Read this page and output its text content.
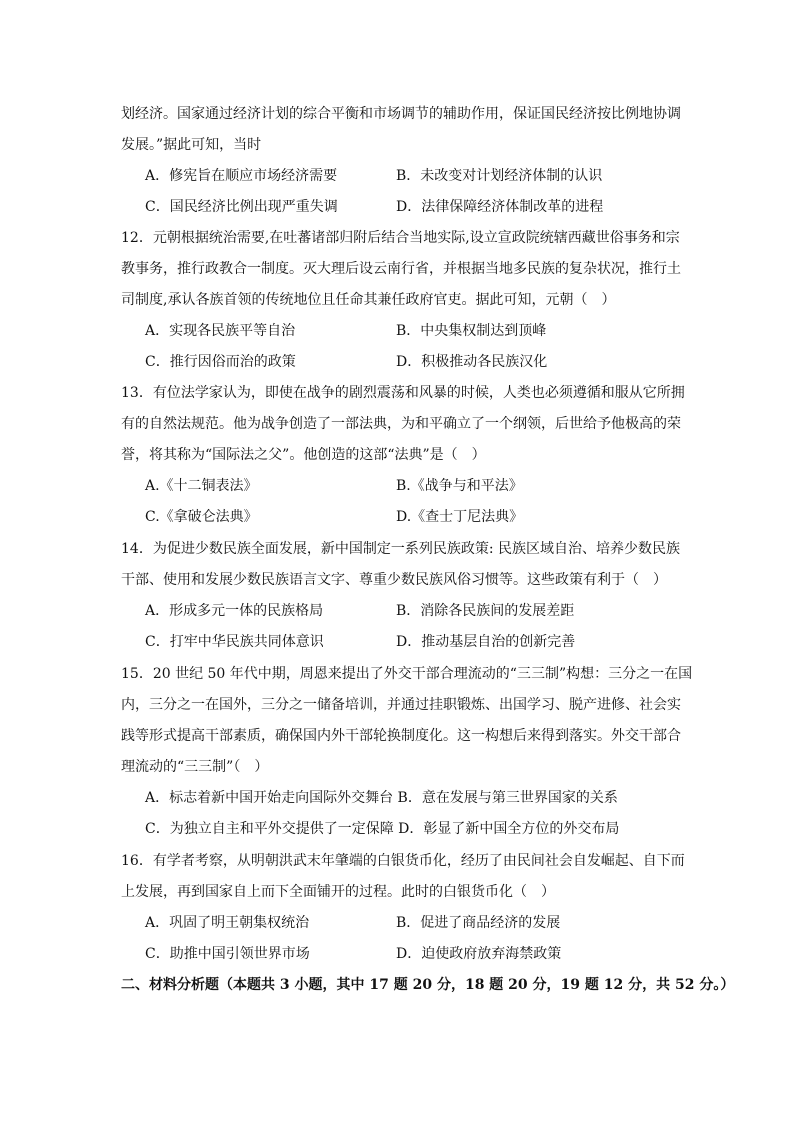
划经济。国家通过经济计划的综合平衡和市场调节的辅助作用，保证国民经济按比例地协调
发展。”据此可知，当时
A．修宪旨在顺应市场经济需要	B．未改变对计划经济体制的认识
C．国民经济比例出现严重失调	D．法律保障经济体制改革的进程
12．元朝根据统治需要,在吐蕃诸部归附后结合当地实际,设立宣政院统辖西藏世俗事务和宗
教事务，推行政教合一制度。灭大理后设云南行省，并根据当地多民族的复杂状况，推行土
司制度,承认各族首领的传统地位且任命其兼任政府官吏。据此可知，元朝（　）
A．实现各民族平等自治	B．中央集权制达到顶峰
C．推行因俗而治的政策	D．积极推动各民族汉化
13．有位法学家认为，即使在战争的剧烈震荡和风暴的时候，人类也必须遵循和服从它所拥
有的自然法规范。他为战争创造了一部法典，为和平确立了一个纲领，后世给予他极高的荣
誉，将其称为“国际法之父”。他创造的这部“法典”是（　）
A.《十二铜表法》	B.《战争与和平法》
C.《拿破仑法典》	D.《查士丁尼法典》
14．为促进少数民族全面发展，新中国制定一系列民族政策: 民族区域自治、培养少数民族
干部、使用和发展少数民族语言文字、尊重少数民族风俗习惯等。这些政策有利于（　）
A．形成多元一体的民族格局	B．消除各民族间的发展差距
C．打牢中华民族共同体意识	D．推动基层自治的创新完善
15．20 世纪 50 年代中期，周恩来提出了外交干部合理流动的“三三制”构想：三分之一在国
内，三分之一在国外，三分之一储备培训，并通过挂职锻炼、出国学习、脱产进修、社会实
践等形式提高干部素质，确保国内外干部轮换制度化。这一构想后来得到落实。外交干部合
理流动的“三三制”（　）
A．标志着新中国开始走向国际外交舞台 B．意在发展与第三世界国家的关系
C．为独立自主和平外交提供了一定保障 D．彰显了新中国全方位的外交布局
16．有学者考察，从明朝洪武末年肇端的白银货币化，经历了由民间社会自发崛起、自下而
上发展，再到国家自上而下全面铺开的过程。此时的白银货币化（　）
A．巩固了明王朝集权统治	B．促进了商品经济的发展
C．助推中国引领世界市场	D．迫使政府放弃海禁政策
二、材料分析题（本题共 3 小题，其中 17 题 20 分，18 题 20 分，19 题 12 分，共 52 分。）
